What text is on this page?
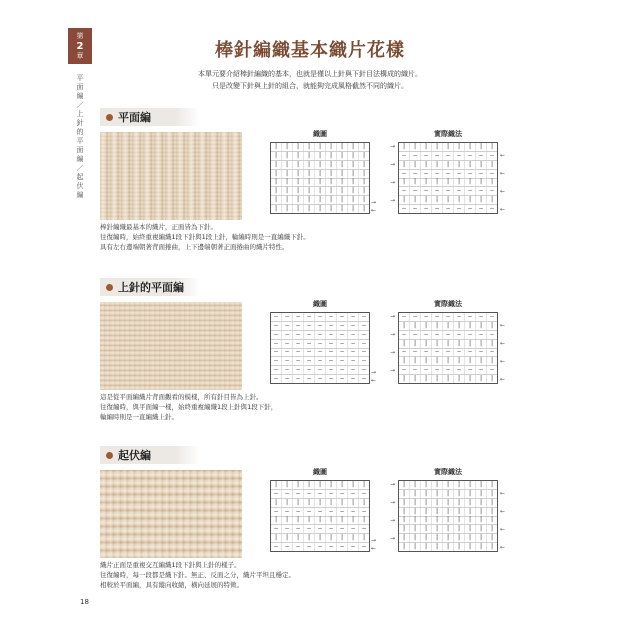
第
2
章
平面編
／
上針的平面編
／
起伏編
棒針編織基本織片花樣
本單元要介紹棒針編織的基本，也就是僅以上針與下針目法構成的織片。
只是改變下針與上針的組合，就能夠完成風格截然不同的織片。
平面編
織圖	實際織法
|	|	|	|	|	|	|	|	|
|	|	|	|	|	|	|	|	|
|	|	|	|	|	|	|	|	|
|	|	|	|	|	|	|	|	|
|	|	|	|	|	|	|	|	|
|	|	|	|	|	|	|	|	|
|	|	|	|	|	|	|	|	|
|	|	|	|	|	|	|	|	|
|	|	|	|	|	|	|	|	|
—	—	—	—	—	—	—	—	—
|	|	|	|	|	|	|	|	|
—	—	—	—	—	—	—	—	—
|	|	|	|	|	|	|	|	|
—	—	—	—	—	—	—	—	—
|	|	|	|	|	|	|	|	|
—	—	—	—	—	—	—	—	—
棒針編織最基本的織片，正面皆為下針。
往復編時，始終重複編織1段下針與1段上針，輪編時則是一直編織下針。
具有左右邊端朝著背面捲曲，上下邊端朝著正面捲曲的織片特性。
上針的平面編
織圖	實際織法
—	—	—	—	—	—	—	—	—
—	—	—	—	—	—	—	—	—
—	—	—	—	—	—	—	—	—
—	—	—	—	—	—	—	—	—
—	—	—	—	—	—	—	—	—
—	—	—	—	—	—	—	—	—
—	—	—	—	—	—	—	—	—
—	—	—	—	—	—	—	—	—
—	—	—	—	—	—	—	—	—
|	|	|	|	|	|	|	|	|
—	—	—	—	—	—	—	—	—
|	|	|	|	|	|	|	|	|
—	—	—	—	—	—	—	—	—
|	|	|	|	|	|	|	|	|
—	—	—	—	—	—	—	—	—
|	|	|	|	|	|	|	|	|
這是從平面編織片背面觀看的模樣，所有針目皆為上針。
往復編時，與平面編一樣，始終重複編織1段上針與1段下針，
輪編時則是一直編織上針。
起伏編
織圖	實際織法
|	|	|	|	|	|	|	|	|
—	—	—	—	—	—	—	—	—
|	|	|	|	|	|	|	|	|
—	—	—	—	—	—	—	—	—
|	|	|	|	|	|	|	|	|
—	—	—	—	—	—	—	—	—
|	|	|	|	|	|	|	|	|
—	—	—	—	—	—	—	—	—
|	|	|	|	|	|	|	|	|
|	|	|	|	|	|	|	|	|
|	|	|	|	|	|	|	|	|
|	|	|	|	|	|	|	|	|
|	|	|	|	|	|	|	|	|
|	|	|	|	|	|	|	|	|
|	|	|	|	|	|	|	|	|
|	|	|	|	|	|	|	|	|
織片正面是重複交互編織1段下針與上針的樣子。
往復編時，每一段都是織下針。無正、反面之分，織片平坦且穩定。
相較於平面編，具有縱向收縮，橫向延展的特徵。
→
←
→
←
→
←
→
←
→
←
→
←
→
←
→
←
→
←
→
←
→
←
→
←
→
←
→
←
→
←
18
